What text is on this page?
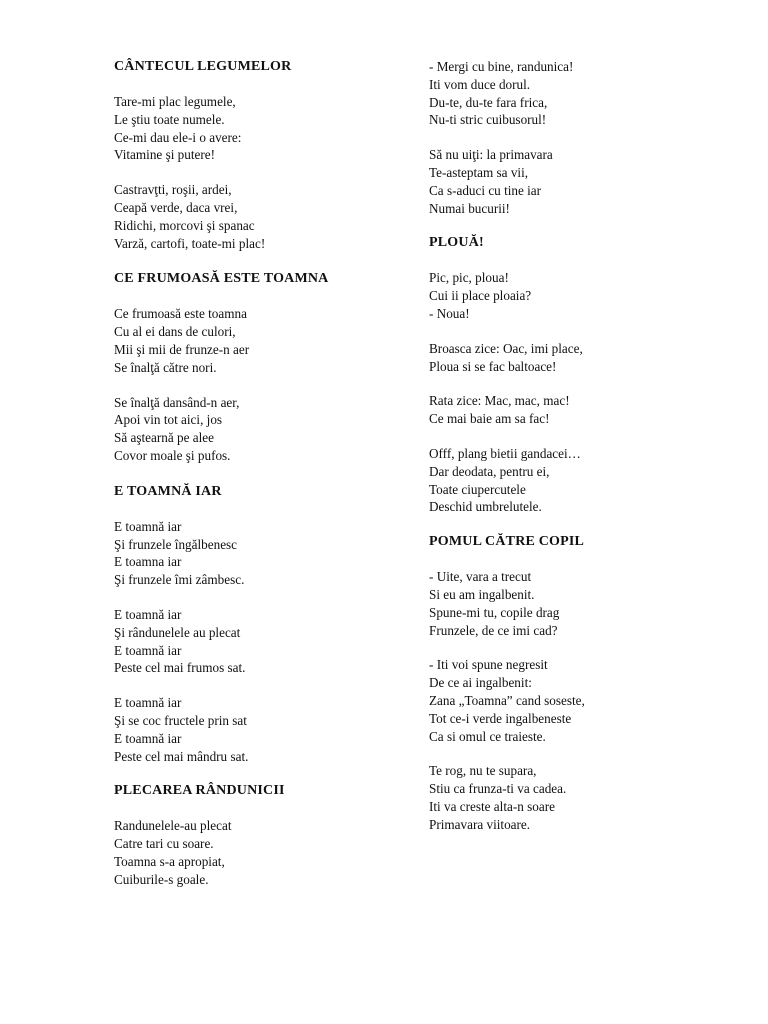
CÂNTECUL LEGUMELOR
Tare-mi plac legumele,
Le ştiu toate numele.
Ce-mi dau ele-i o avere:
Vitamine şi putere!
Castravţti, roşii, ardei,
Ceapă verde, daca vrei,
Ridichi, morcovi şi spanac
Varză, cartofi, toate-mi plac!
CE FRUMOASĂ ESTE TOAMNA
Ce frumoasă este toamna
Cu al ei dans de culori,
Mii şi mii de frunze-n aer
Se înalţă către nori.
Se înalţă dansând-n aer,
Apoi vin tot aici, jos
Să aştearnă pe alee
Covor moale şi pufos.
E TOAMNĂ IAR
E toamnă iar
Şi frunzele îngălbenesc
E toamna iar
Şi frunzele îmi zâmbesc.
E toamnă iar
Şi rândunelele au plecat
E toamnă iar
Peste cel mai frumos sat.
E toamnă iar
Şi se coc fructele prin sat
E toamnă iar
Peste cel mai mândru sat.
PLECAREA RÂNDUNICII
Randunelele-au plecat
Catre tari cu soare.
Toamna s-a apropiat,
Cuiburile-s goale.
- Mergi cu bine, randunica!
Iti vom duce dorul.
Du-te, du-te fara frica,
Nu-ti stric cuibusorul!
Să nu uiţi: la primavara
Te-asteptam sa vii,
Ca s-aduci cu tine iar
Numai bucurii!
PLOUĂ!
Pic, pic, ploua!
Cui ii place ploaia?
- Noua!
Broasca zice: Oac, imi place,
Ploua si se fac baltoace!
Rata zice: Mac, mac, mac!
Ce mai baie am sa fac!
Offf, plang bietii gandacei…
Dar deodata, pentru ei,
Toate ciupercutele
Deschid umbrelutele.
POMUL CĂTRE COPIL
- Uite, vara a trecut
Si eu am ingalbenit.
Spune-mi tu, copile drag
Frunzele, de ce imi cad?
- Iti voi spune negresit
De ce ai ingalbenit:
Zana „Toamna” cand soseste,
Tot ce-i verde ingalbeneste
Ca si omul ce traieste.
Te rog, nu te supara,
Stiu ca frunza-ti va cadea.
Iti va creste alta-n soare
Primavara viitoare.
